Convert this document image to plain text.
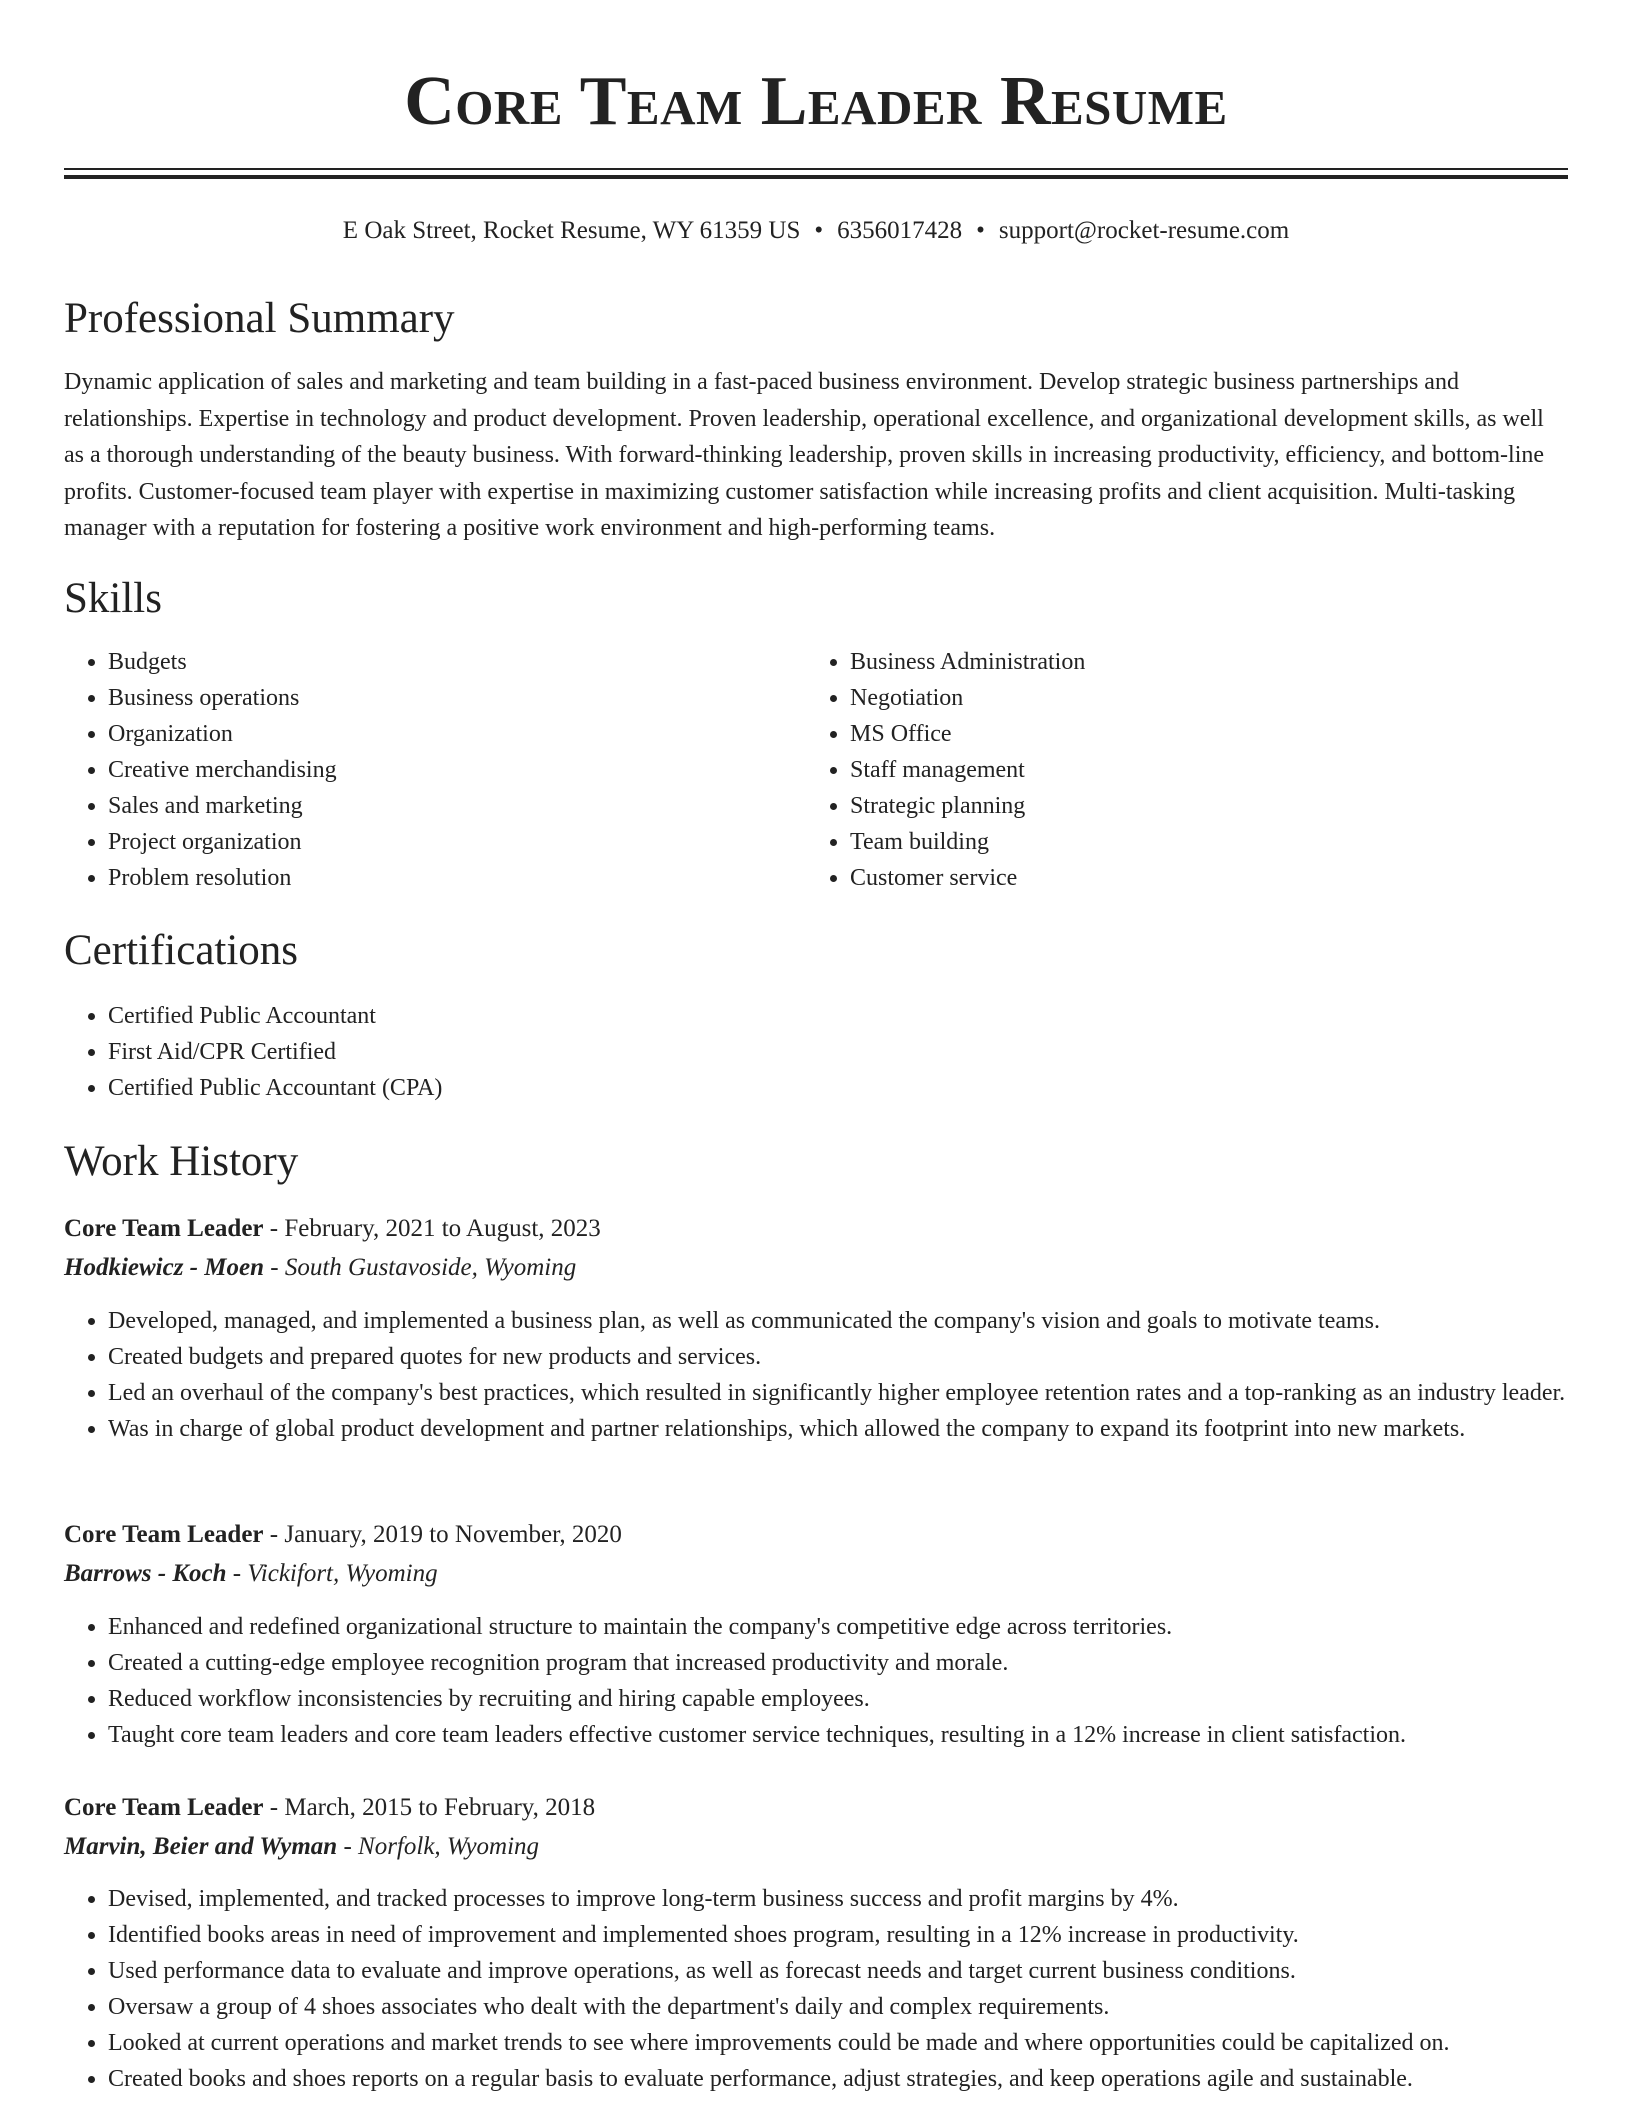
Core Team Leader Resume
E Oak Street, Rocket Resume, WY 61359 US • 6356017428 • support@rocket-resume.com
Professional Summary

Dynamic application of sales and marketing and team building in a fast-paced business environment. Develop strategic business partnerships and relationships. Expertise in technology and product development. Proven leadership, operational excellence, and organizational development skills, as well as a thorough understanding of the beauty business. With forward-thinking leadership, proven skills in increasing productivity, efficiency, and bottom-line profits. Customer-focused team player with expertise in maximizing customer satisfaction while increasing profits and client acquisition. Multi-tasking manager with a reputation for fostering a positive work environment and high-performing teams.

Skills
• Budgets
• Business operations
• Organization
• Creative merchandising
• Sales and marketing
• Project organization
• Problem resolution
• Business Administration
• Negotiation
• MS Office
• Staff management
• Strategic planning
• Team building
• Customer service
Certifications
• Certified Public Accountant
• First Aid/CPR Certified
• Certified Public Accountant (CPA)
Work History
Core Team Leader - February, 2021 to August, 2023
Hodkiewicz - Moen - South Gustavoside, Wyoming
• Developed, managed, and implemented a business plan, as well as communicated the company's vision and goals to motivate teams.
• Created budgets and prepared quotes for new products and services.
• Led an overhaul of the company's best practices, which resulted in significantly higher employee retention rates and a top-ranking as an industry leader.
• Was in charge of global product development and partner relationships, which allowed the company to expand its footprint into new markets.
Core Team Leader - January, 2019 to November, 2020
Barrows - Koch - Vickifort, Wyoming
• Enhanced and redefined organizational structure to maintain the company's competitive edge across territories.
• Created a cutting-edge employee recognition program that increased productivity and morale.
• Reduced workflow inconsistencies by recruiting and hiring capable employees.
• Taught core team leaders and core team leaders effective customer service techniques, resulting in a 12% increase in client satisfaction.
Core Team Leader - March, 2015 to February, 2018
Marvin, Beier and Wyman - Norfolk, Wyoming
• Devised, implemented, and tracked processes to improve long-term business success and profit margins by 4%.
• Identified books areas in need of improvement and implemented shoes program, resulting in a 12% increase in productivity.
• Used performance data to evaluate and improve operations, as well as forecast needs and target current business conditions.
• Oversaw a group of 4 shoes associates who dealt with the department's daily and complex requirements.
• Looked at current operations and market trends to see where improvements could be made and where opportunities could be capitalized on.
• Created books and shoes reports on a regular basis to evaluate performance, adjust strategies, and keep operations agile and sustainable.
